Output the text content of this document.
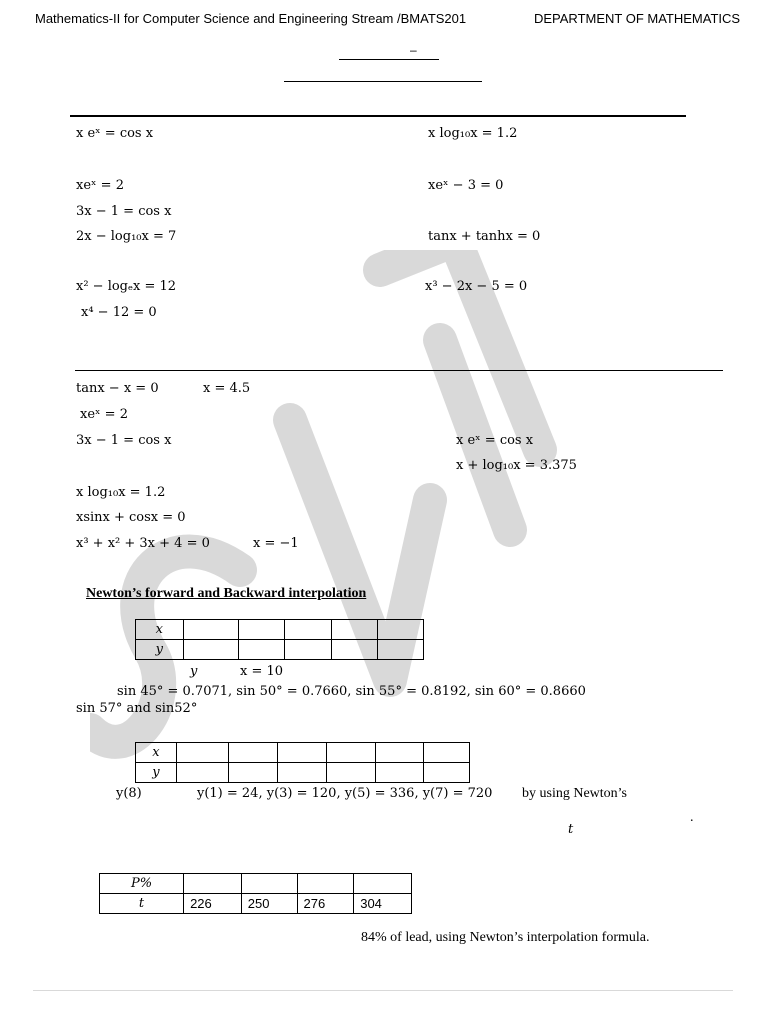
Mathematics-II for Computer Science and Engineering Stream /BMATS201	DEPARTMENT OF MATHEMATICS
–
x eˣ = cos x	x log₁₀x = 1.2
xeˣ = 2	xeˣ − 3 = 0
3x − 1 = cos x
2x − log₁₀x = 7	tanx + tanhx = 0
x² − logₑx = 12	x³ − 2x − 5 = 0
x⁴ − 12 = 0
tanx − x = 0	x = 4.5
xeˣ = 2
3x − 1 = cos x	x eˣ = cos x
x + log₁₀x = 3.375
x log₁₀x = 1.2
xsinx + cosx = 0
x³ + x² + 3x + 4 = 0	x = −1
Newton’s forward and Backward interpolation
x					
y					
y	x = 10
sin 45° = 0.7071, sin 50° = 0.7660, sin 55° = 0.8192, sin 60° = 0.8660
sin 57° and sin52°
x						
y						
y(8)	y(1) = 24, y(3) = 120, y(5) = 336, y(7) = 720 by using Newton’s
t
.
P%				
t	226	250	276	304
84% of lead, using Newton’s interpolation formula.
